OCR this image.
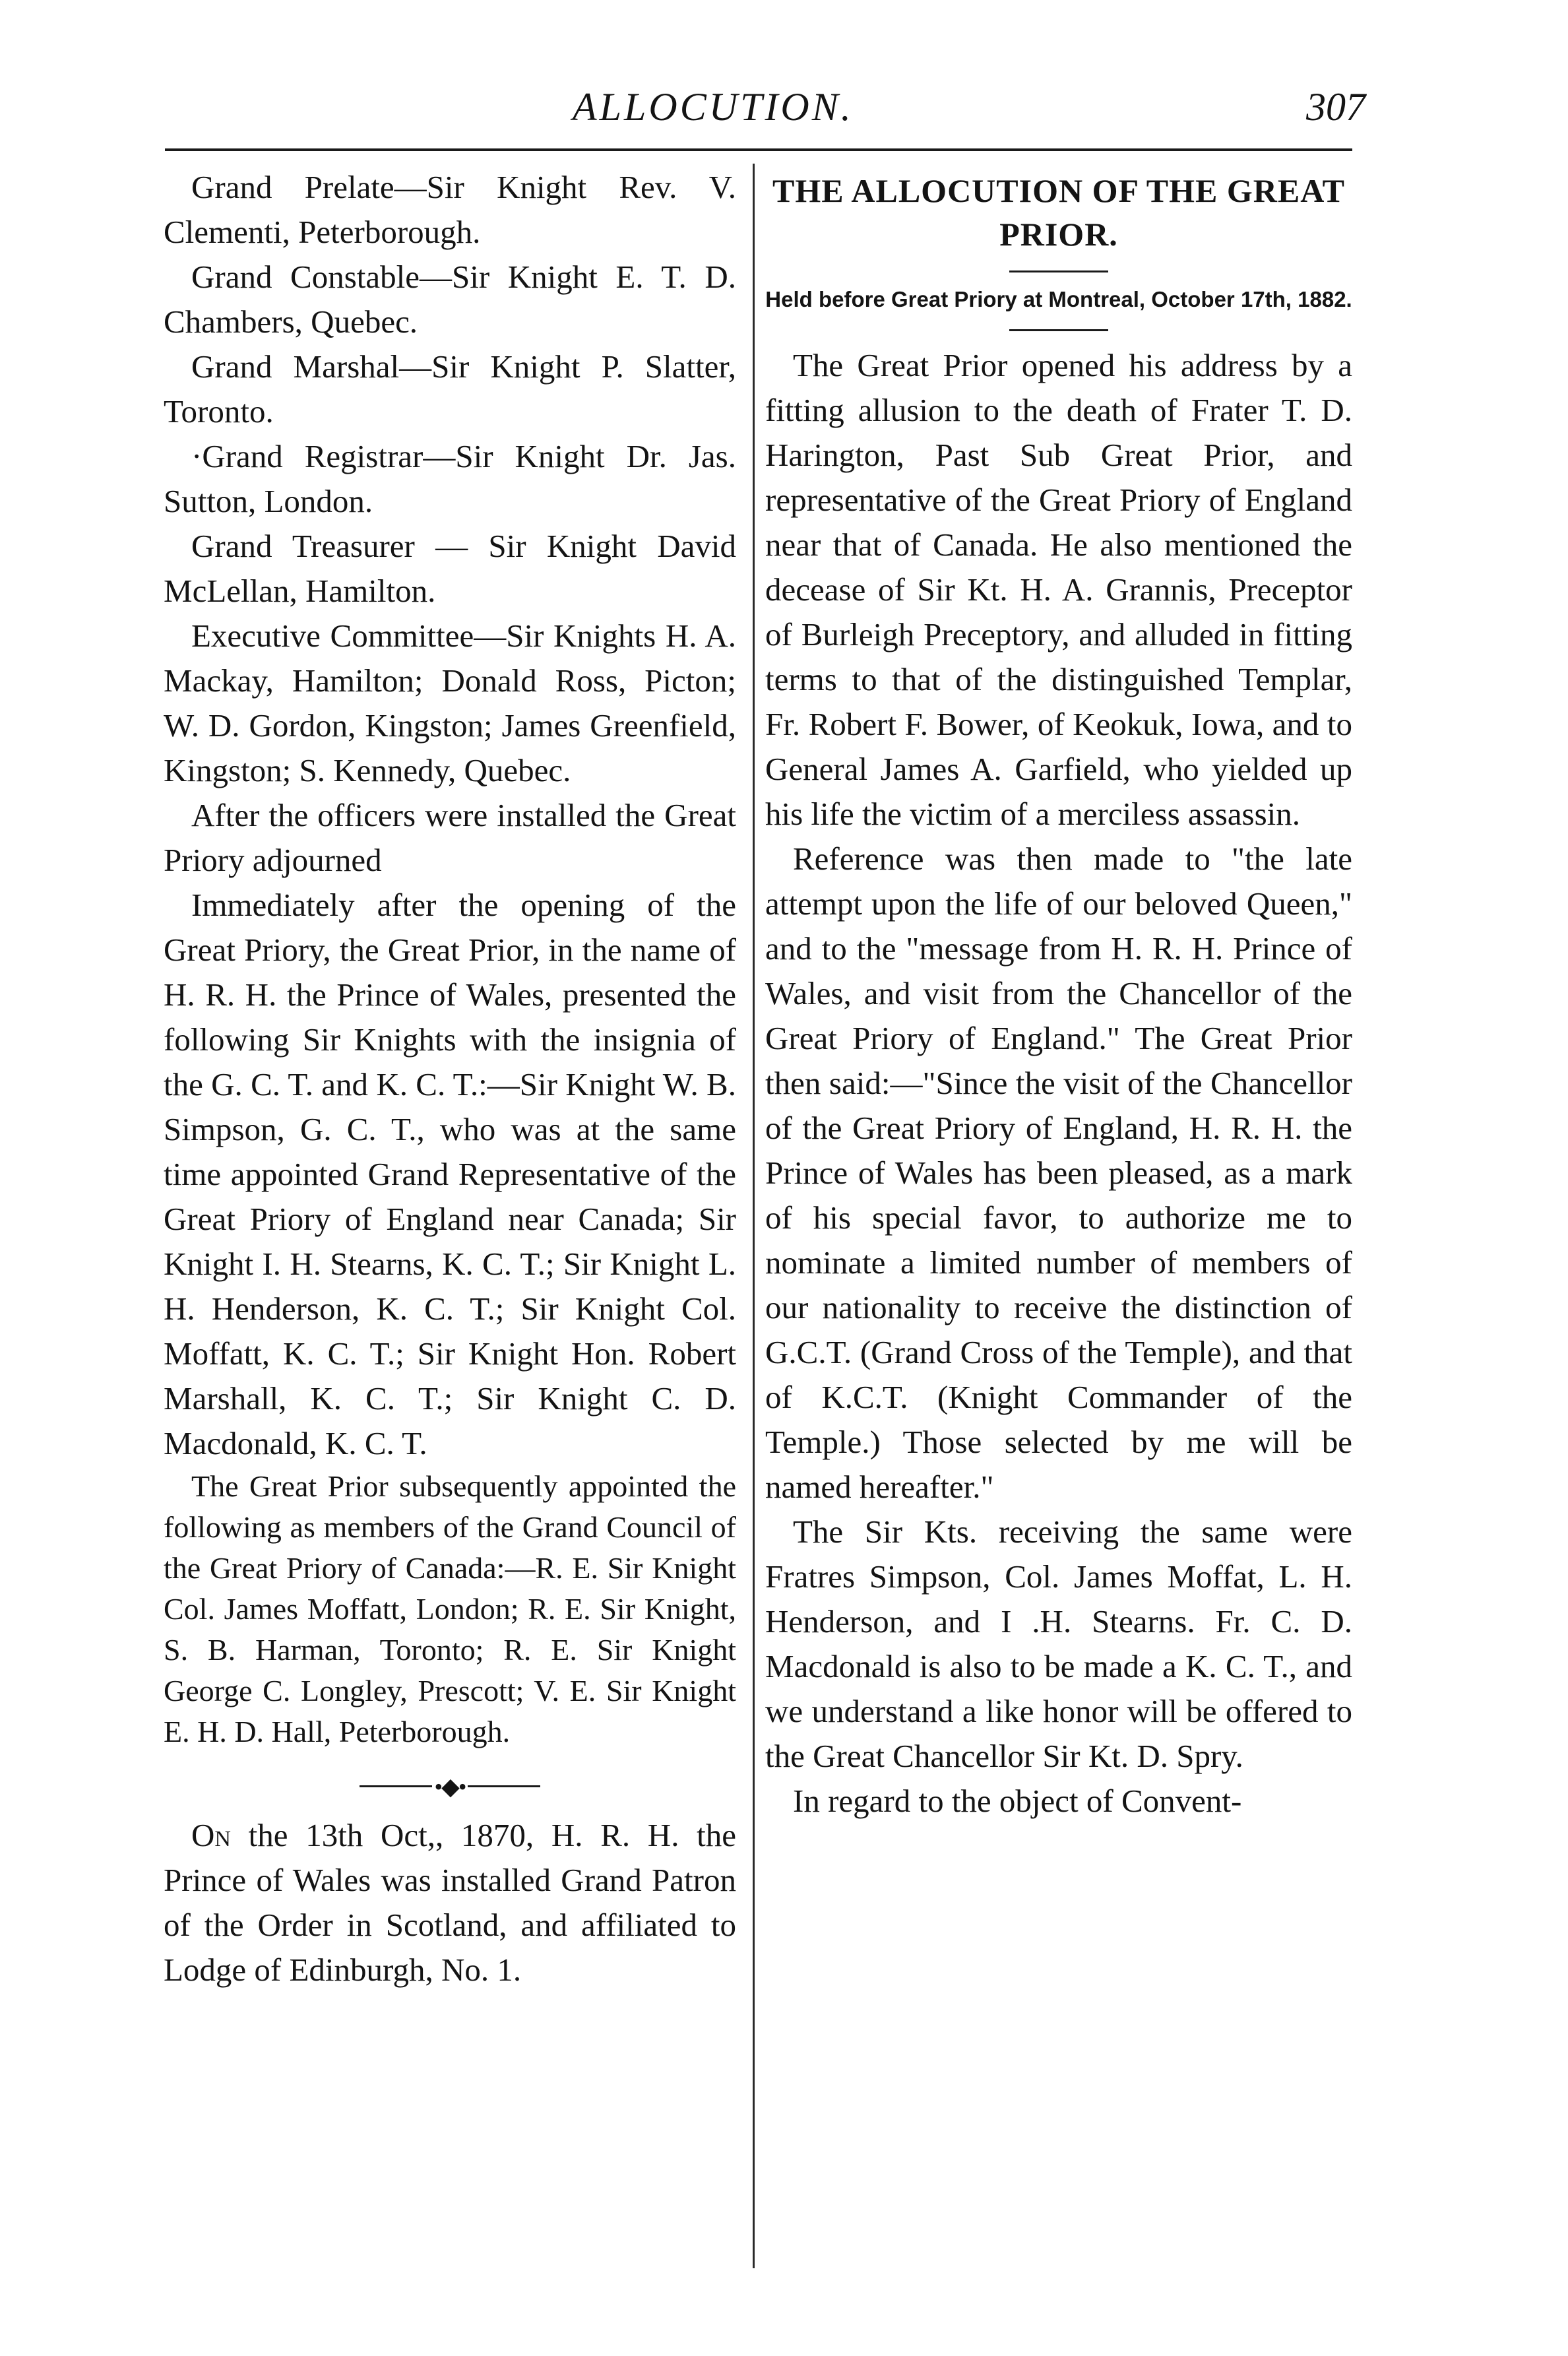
ALLOCUTION.	307

Grand Prelate—Sir Knight Rev. V. Clementi, Peterborough.

Grand Constable—Sir Knight E. T. D. Chambers, Quebec.

Grand Marshal—Sir Knight P. Slatter, Toronto.

·Grand Registrar—Sir Knight Dr. Jas. Sutton, London.

Grand Treasurer — Sir Knight David McLellan, Hamilton.

Executive Committee—Sir Knights H. A. Mackay, Hamilton; Donald Ross, Picton; W. D. Gordon, Kingston; James Greenfield, Kingston; S. Kennedy, Quebec.

After the officers were installed the Great Priory adjourned

Immediately after the opening of the Great Priory, the Great Prior, in the name of H. R. H. the Prince of Wales, presented the following Sir Knights with the insignia of the G. C. T. and K. C. T.:—Sir Knight W. B. Simpson, G. C. T., who was at the same time appointed Grand Representative of the Great Priory of England near Canada; Sir Knight I. H. Stearns, K. C. T.; Sir Knight L. H. Henderson, K. C. T.; Sir Knight Col. Moffatt, K. C. T.; Sir Knight Hon. Robert Marshall, K. C. T.; Sir Knight C. D. Macdonald, K. C. T.

The Great Prior subsequently appointed the following as members of the Grand Council of the Great Priory of Canada:—R. E. Sir Knight Col. James Moffatt, London; R. E. Sir Knight, S. B. Harman, Toronto; R. E. Sir Knight George C. Longley, Prescott; V. E. Sir Knight E. H. D. Hall, Peterborough.

•◆•

On the 13th Oct,, 1870, H. R. H. the Prince of Wales was installed Grand Patron of the Order in Scotland, and affiliated to Lodge of Edinburgh, No. 1.

THE ALLOCUTION OF THE GREAT PRIOR.

Held before Great Priory at Montreal, October 17th, 1882.

The Great Prior opened his address by a fitting allusion to the death of Frater T. D. Harington, Past Sub Great Prior, and representative of the Great Priory of England near that of Canada. He also mentioned the decease of Sir Kt. H. A. Grannis, Preceptor of Burleigh Preceptory, and alluded in fitting terms to that of the distinguished Templar, Fr. Robert F. Bower, of Keokuk, Iowa, and to General James A. Garfield, who yielded up his life the victim of a merciless assassin.

Reference was then made to "the late attempt upon the life of our beloved Queen," and to the "message from H. R. H. Prince of Wales, and visit from the Chancellor of the Great Priory of England." The Great Prior then said:—"Since the visit of the Chancellor of the Great Priory of England, H. R. H. the Prince of Wales has been pleased, as a mark of his special favor, to authorize me to nominate a limited number of members of our nationality to receive the distinction of G.C.T. (Grand Cross of the Temple), and that of K.C.T. (Knight Commander of the Temple.) Those selected by me will be named hereafter."

The Sir Kts. receiving the same were Fratres Simpson, Col. James Moffat, L. H. Henderson, and I .H. Stearns. Fr. C. D. Macdonald is also to be made a K. C. T., and we understand a like honor will be offered to the Great Chancellor Sir Kt. D. Spry.

In regard to the object of Convent-
